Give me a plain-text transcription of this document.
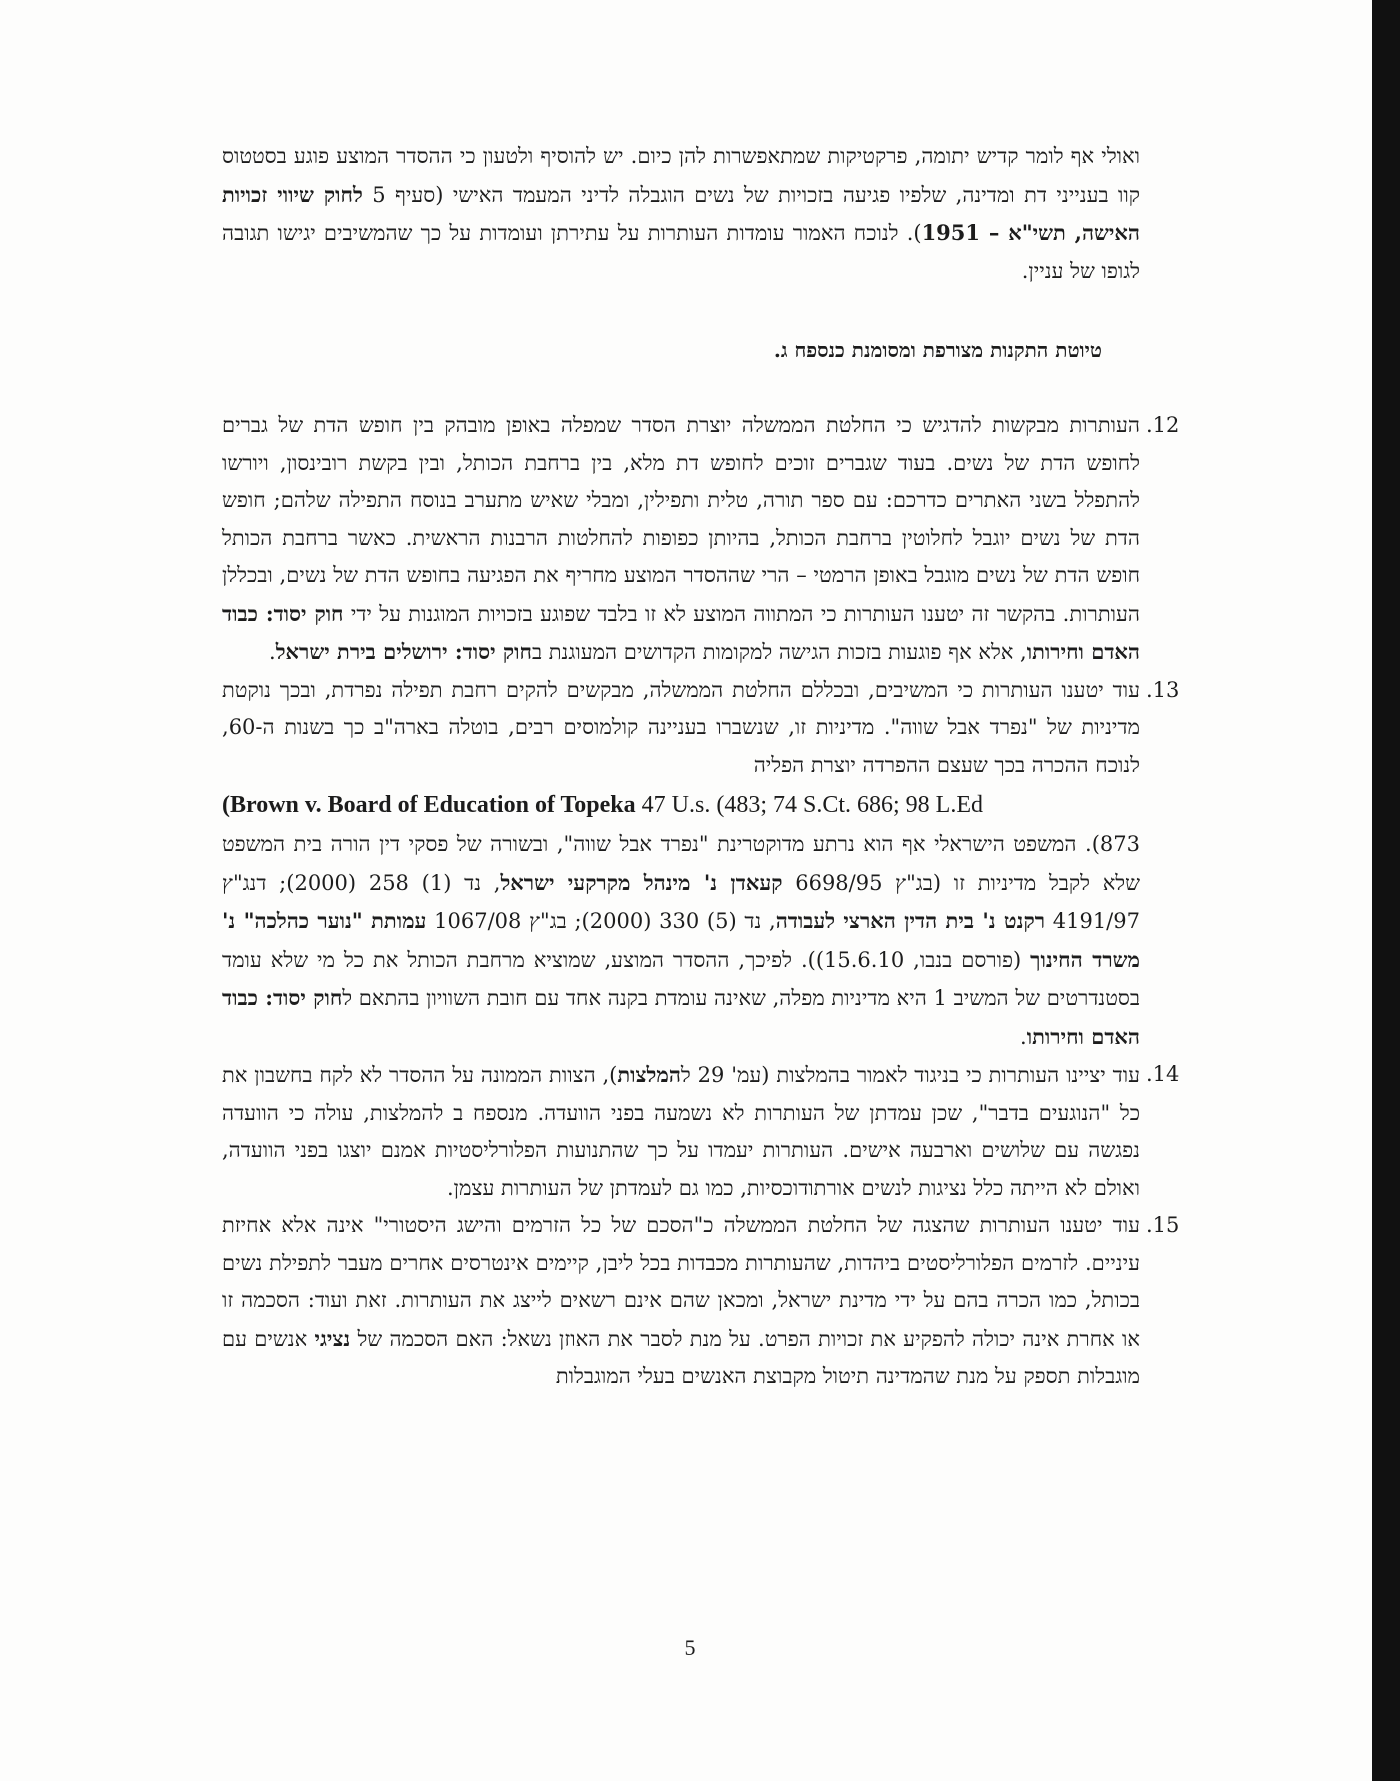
ואולי אף לומר קדיש יתומה, פרקטיקות שמתאפשרות להן כיום. יש להוסיף ולטעון כי ההסדר המוצע פוגע בסטטוס קוו בענייני דת ומדינה, שלפיו פגיעה בזכויות של נשים הוגבלה לדיני המעמד האישי (סעיף 5 לחוק שיווי זכויות האישה, תשי"א – 1951). לנוכח האמור עומדות העותרות על עתירתן ועומדות על כך שהמשיבים יגישו תגובה לגופו של עניין.
טיוטת התקנות מצורפת ומסומנת כנספח ג.
.12

העותרות מבקשות להדגיש כי החלטת הממשלה יוצרת הסדר שמפלה באופן מובהק בין חופש הדת של גברים לחופש הדת של נשים. בעוד שגברים זוכים לחופש דת מלא, בין ברחבת הכותל, ובין בקשת רובינסון, ויורשו להתפלל בשני האתרים כדרכם: עם ספר תורה, טלית ותפילין, ומבלי שאיש מתערב בנוסח התפילה שלהם; חופש הדת של נשים יוגבל לחלוטין ברחבת הכותל, בהיותן כפופות להחלטות הרבנות הראשית. כאשר ברחבת הכותל חופש הדת של נשים מוגבל באופן הרמטי – הרי שההסדר המוצע מחריף את הפגיעה בחופש הדת של נשים, ובכללן העותרות. בהקשר זה יטענו העותרות כי המתווה המוצע לא זו בלבד שפוגע בזכויות המוגנות על ידי חוק יסוד: כבוד האדם וחירותו, אלא אף פוגעות בזכות הגישה למקומות הקדושים המעוגנת בחוק יסוד: ירושלים בירת ישראל.

.13

עוד יטענו העותרות כי המשיבים, ובכללם החלטת הממשלה, מבקשים להקים רחבת תפילה נפרדת, ובכך נוקטת מדיניות של "נפרד אבל שווה". מדיניות זו, שנשברו בעניינה קולמוסים רבים, בוטלה בארה"ב כך בשנות ה-60, לנוכח ההכרה בכך שעצם ההפרדה יוצרת הפליה
(Brown v. Board of Education of Topeka 47 U.s. (483; 74 S.Ct. 686; 98 L.Ed
873). המשפט הישראלי אף הוא נרתע מדוקטרינת "נפרד אבל שווה", ובשורה של פסקי דין הורה בית המשפט שלא לקבל מדיניות זו (בג"ץ 6698/95 קעאדן נ' מינהל מקרקעי ישראל, נד (1) 258 (2000); דנג"ץ 4191/97 רקנט נ' בית הדין הארצי לעבודה, נד (5) 330 (2000); בג"ץ 1067/08 עמותת "נוער כהלכה" נ' משרד החינוך (פורסם בנבו, 15.6.10)). לפיכך, ההסדר המוצע, שמוציא מרחבת הכותל את כל מי שלא עומד בסטנדרטים של המשיב 1 היא מדיניות מפלה, שאינה עומדת בקנה אחד עם חובת השוויון בהתאם לחוק יסוד: כבוד האדם וחירותו.

.14

עוד יציינו העותרות כי בניגוד לאמור בהמלצות (עמ' 29 להמלצות), הצוות הממונה על ההסדר לא לקח בחשבון את כל "הנוגעים בדבר", שכן עמדתן של העותרות לא נשמעה בפני הוועדה. מנספח ב להמלצות, עולה כי הוועדה נפגשה עם שלושים וארבעה אישים. העותרות יעמדו על כך שהתנועות הפלורליסטיות אמנם יוצגו בפני הוועדה, ואולם לא הייתה כלל נציגות לנשים אורתודוכסיות, כמו גם לעמדתן של העותרות עצמן.

.15

עוד יטענו העותרות שהצגה של החלטת הממשלה כ"הסכם של כל הזרמים והישג היסטורי" אינה אלא אחיזת עיניים. לזרמים הפלורליסטים ביהדות, שהעותרות מכבדות בכל ליבן, קיימים אינטרסים אחרים מעבר לתפילת נשים בכותל, כמו הכרה בהם על ידי מדינת ישראל, ומכאן שהם אינם רשאים לייצג את העותרות. זאת ועוד: הסכמה זו או אחרת אינה יכולה להפקיע את זכויות הפרט. על מנת לסבר את האוזן נשאל: האם הסכמה של נציגי אנשים עם מוגבלות תספק על מנת שהמדינה תיטול מקבוצת האנשים בעלי המוגבלות

5
